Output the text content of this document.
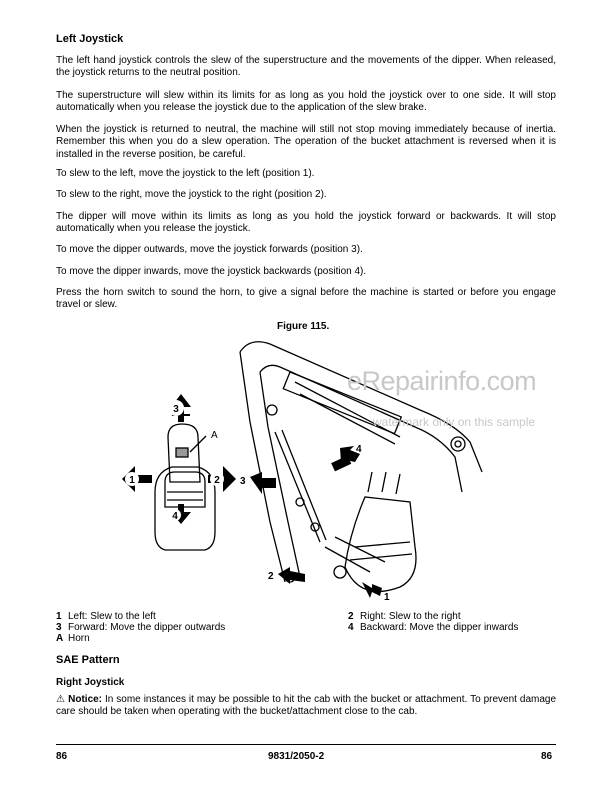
Left Joystick
The left hand joystick controls the slew of the superstructure and the movements of the dipper. When released, the joystick returns to the neutral position.
The superstructure will slew within its limits for as long as you hold the joystick over to one side. It will stop automatically when you release the joystick due to the application of the slew brake.
When the joystick is returned to neutral, the machine will still not stop moving immediately because of inertia. Remember this when you do a slew operation. The operation of the bucket attachment is reversed when it is installed in the reverse position, be careful.
To slew to the left, move the joystick to the left (position 1).
To slew to the right, move the joystick to the right (position 2).
The dipper will move within its limits as long as you hold the joystick forward or backwards. It will stop automatically when you release the joystick.
To move the dipper outwards, move the joystick forwards (position 3).
To move the dipper inwards, move the joystick backwards (position 4).
Press the horn switch to sound the horn, to give a signal before the machine is started or before you engage travel or slew.
Figure 115.
3
1	2
4
A
4
3
2
1
eRepairinfo.com
watermark only on this sample
1 Left: Slew to the left	2 Right: Slew to the right
3 Forward: Move the dipper outwards	4 Backward: Move the dipper inwards
A Horn
SAE Pattern
Right Joystick
⚠ Notice: In some instances it may be possible to hit the cab with the bucket or attachment. To prevent damage care should be taken when operating with the bucket/attachment close to the cab.
86	9831/2050-2	86
